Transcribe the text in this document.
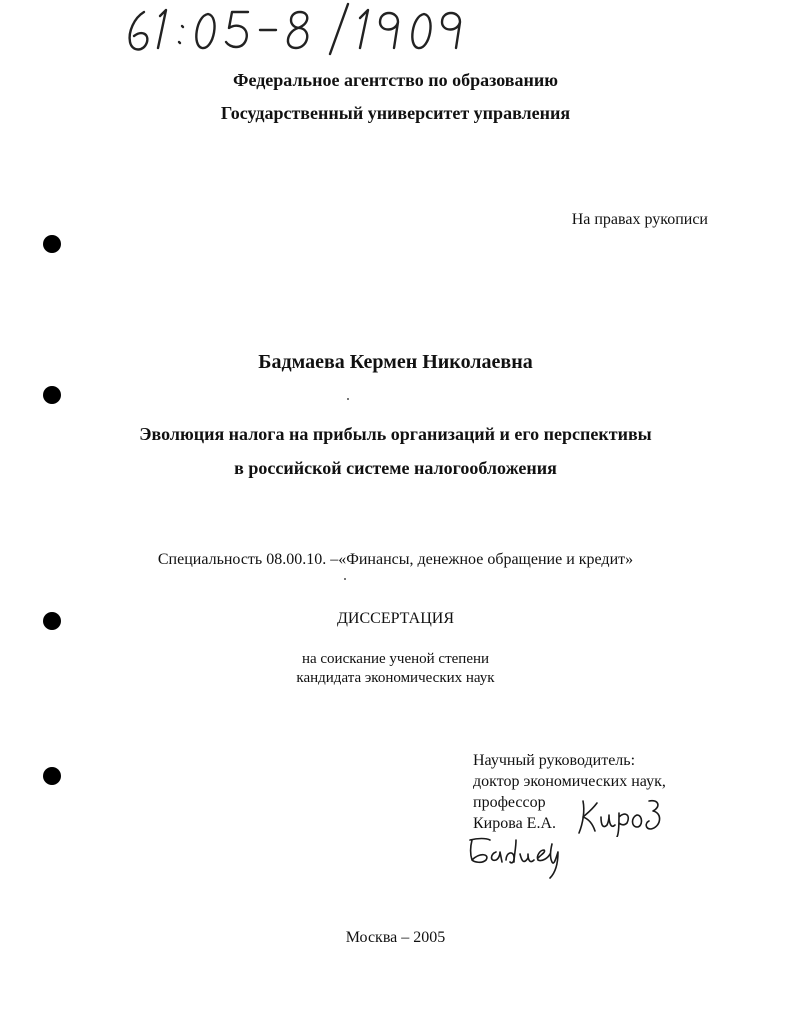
Федеральное агентство по образованию
Государственный университет управления
На правах рукописи
Бадмаева Кермен Николаевна
Эволюция налога на прибыль организаций и его перспективы
в российской системе налогообложения
Специальность 08.00.10. –«Финансы, денежное обращение и кредит»
ДИССЕРТАЦИЯ
на соискание ученой степени
кандидата экономических наук
Научный руководитель:
доктор экономических наук,
профессор
Кирова Е.А.
Москва – 2005
